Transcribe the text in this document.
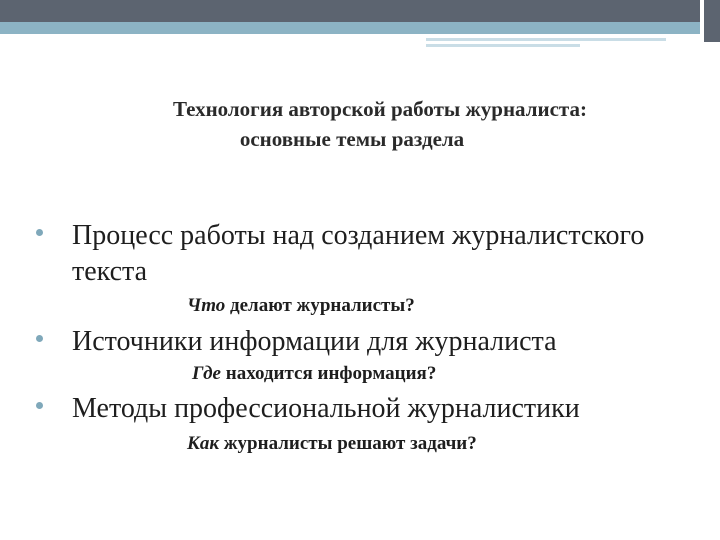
Технология авторской работы журналиста:
основные темы раздела
Процесс работы над созданием журналистского текста
Что делают журналисты?
Источники информации для журналиста
Где находится информация?
Методы профессиональной журналистики
Как журналисты решают задачи?
